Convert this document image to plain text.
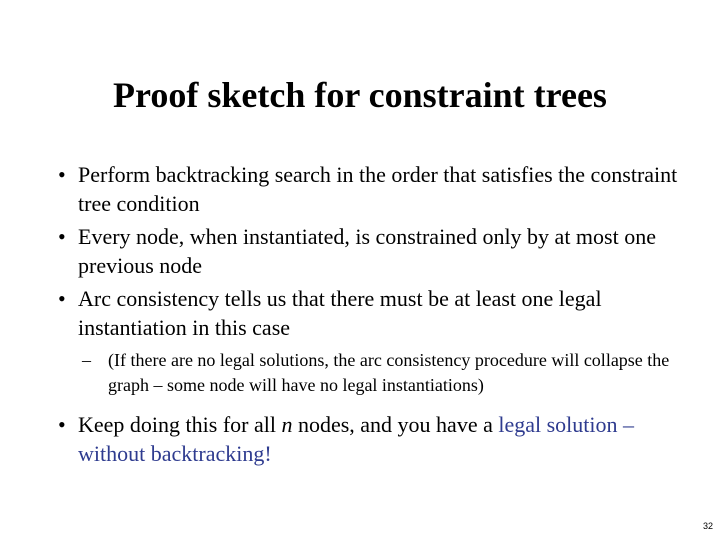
Proof sketch for constraint trees
• Perform backtracking search in the order that satisfies the constraint tree condition
• Every node, when instantiated, is constrained only by at most one previous node
• Arc consistency tells us that there must be at least one legal instantiation in this case
– (If there are no legal solutions, the arc consistency procedure will collapse the graph – some node will have no legal instantiations)
• Keep doing this for all n nodes, and you have a legal solution – without backtracking!
32
